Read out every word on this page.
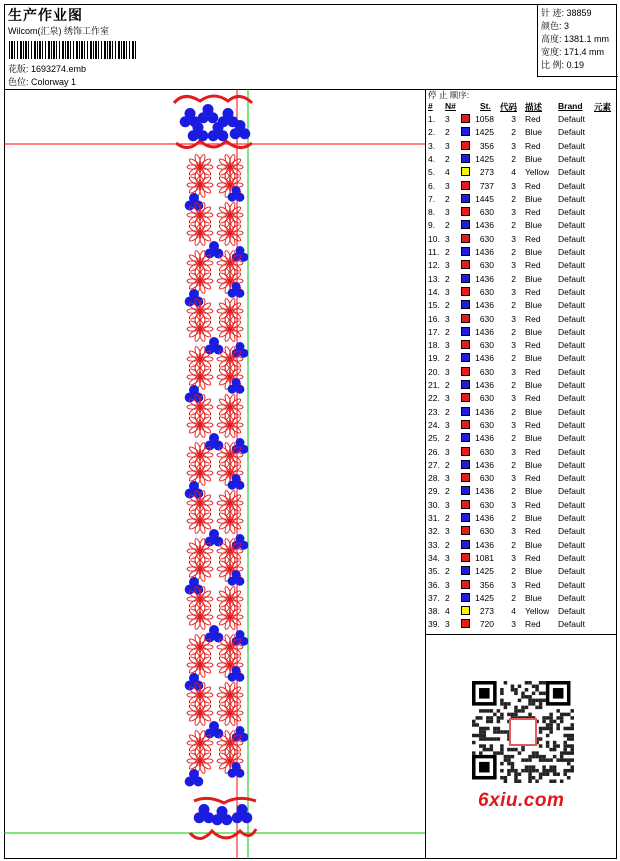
生产作业图
Wilcom(汇泉) 绣饰工作室
花版: 1693274.emb
色位: Colorway 1
针 迹: 38859
颜色: 3
高度: 1381.1 mm
宽度: 171.4 mm
比 例: 0.19
停 止 顺序:
# N#	St. 代码 描述 Brand 元素
1. 3	1058	3 Red Default
2. 2	1425	2 Blue Default
3. 3	356	3 Red Default
4. 2	1425	2 Blue Default
5. 4	273	4 Yellow Default
6. 3	737	3 Red Default
7. 2	1445	2 Blue Default
8. 3	630	3 Red Default
9. 2	1436	2 Blue Default
10. 3	630	3 Red Default
11. 2	1436	2 Blue Default
12. 3	630	3 Red Default
13. 2	1436	2 Blue Default
14. 3	630	3 Red Default
15. 2	1436	2 Blue Default
16. 3	630	3 Red Default
17. 2	1436	2 Blue Default
18. 3	630	3 Red Default
19. 2	1436	2 Blue Default
20. 3	630	3 Red Default
21. 2	1436	2 Blue Default
22. 3	630	3 Red Default
23. 2	1436	2 Blue Default
24. 3	630	3 Red Default
25. 2	1436	2 Blue Default
26. 3	630	3 Red Default
27. 2	1436	2 Blue Default
28. 3	630	3 Red Default
29. 2	1436	2 Blue Default
30. 3	630	3 Red Default
31. 2	1436	2 Blue Default
32. 3	630	3 Red Default
33. 2	1436	2 Blue Default
34. 3	1081	3 Red Default
35. 2	1425	2 Blue Default
36. 3	356	3 Red Default
37. 2	1425	2 Blue Default
38. 4	273	4 Yellow Default
39. 3	720	3 Red Default
6xiu.com
